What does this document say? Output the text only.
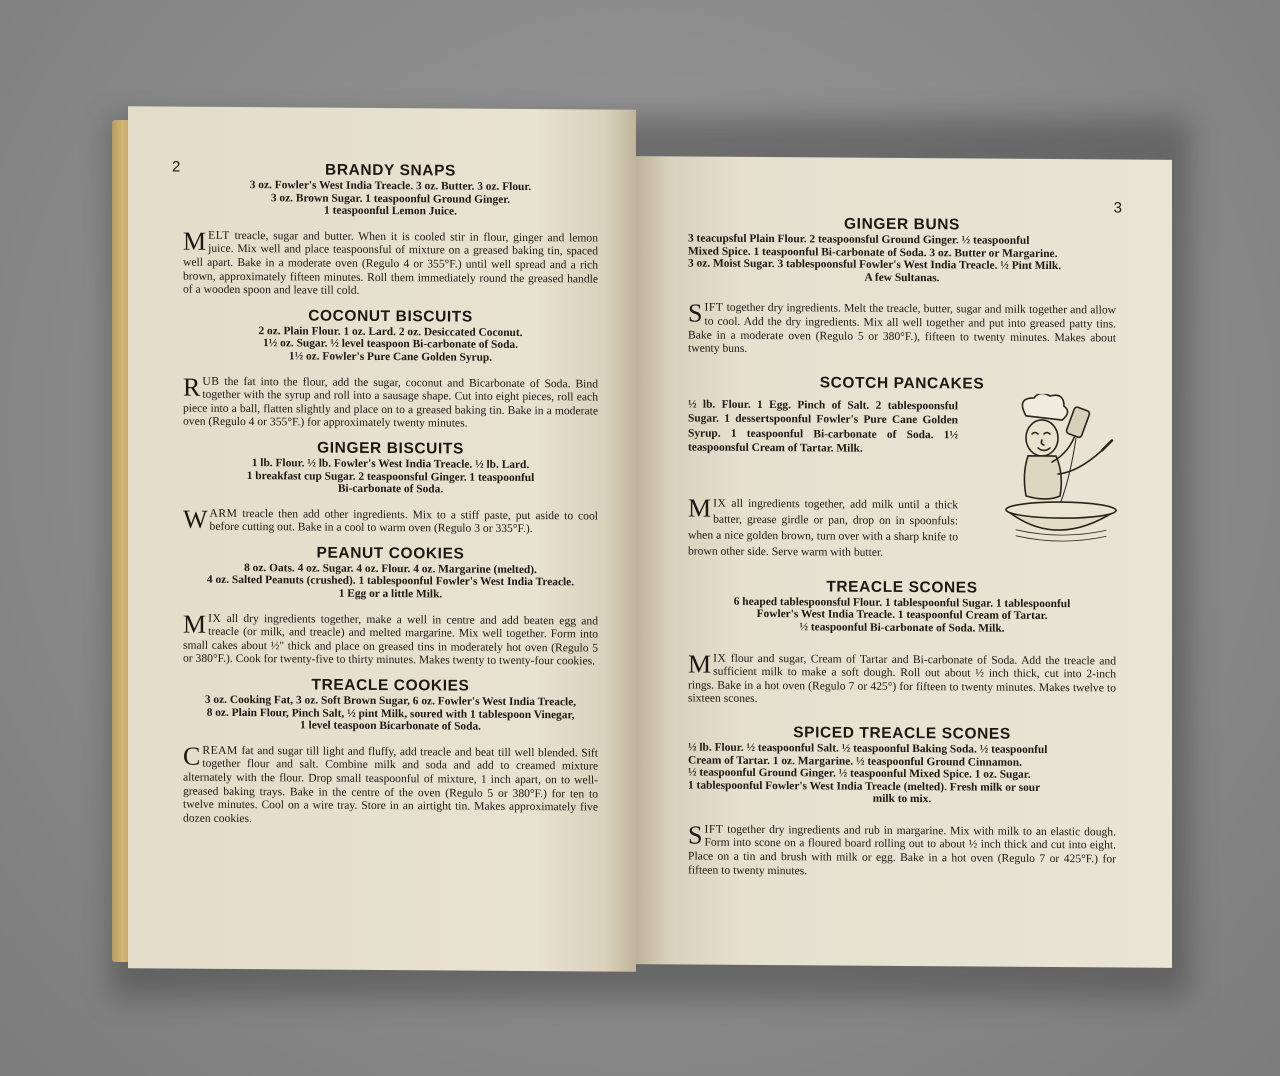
2	BRANDY SNAPS
3 oz. Fowler's West India Treacle. 3 oz. Butter. 3 oz. Flour.
3 oz. Brown Sugar. 1 teaspoonful Ground Ginger.
1 teaspoonful Lemon Juice.

MELT treacle, sugar and butter. When it is cooled stir in flour, ginger and lemon juice. Mix well and place teaspoonsful of mixture on a greased baking tin, spaced well apart. Bake in a moderate oven (Regulo 4 or 355°F.) until well spread and a rich brown, approximately fifteen minutes. Roll them immediately round the greased handle of a wooden spoon and leave till cold.

COCONUT BISCUITS
2 oz. Plain Flour. 1 oz. Lard. 2 oz. Desiccated Coconut.
1½ oz. Sugar. ½ level teaspoon Bi-carbonate of Soda.
1½ oz. Fowler's Pure Cane Golden Syrup.

RUB the fat into the flour, add the sugar, coconut and Bicarbonate of Soda. Bind together with the syrup and roll into a sausage shape. Cut into eight pieces, roll each piece into a ball, flatten slightly and place on to a greased baking tin. Bake in a moderate oven (Regulo 4 or 355°F.) for approximately twenty minutes.

GINGER BISCUITS
1 lb. Flour. ½ lb. Fowler's West India Treacle. ½ lb. Lard.
1 breakfast cup Sugar. 2 teaspoonsful Ginger. 1 teaspoonful
Bi-carbonate of Soda.

WARM treacle then add other ingredients. Mix to a stiff paste, put aside to cool before cutting out. Bake in a cool to warm oven (Regulo 3 or 335°F.).

PEANUT COOKIES
8 oz. Oats. 4 oz. Sugar. 4 oz. Flour. 4 oz. Margarine (melted).
4 oz. Salted Peanuts (crushed). 1 tablespoonful Fowler's West India Treacle.
1 Egg or a little Milk.

MIX all dry ingredients together, make a well in centre and add beaten egg and treacle (or milk, and treacle) and melted margarine. Mix well together. Form into small cakes about ½" thick and place on greased tins in moderately hot oven (Regulo 5 or 380°F.). Cook for twenty-five to thirty minutes. Makes twenty to twenty-four cookies.

TREACLE COOKIES
3 oz. Cooking Fat, 3 oz. Soft Brown Sugar, 6 oz. Fowler's West India Treacle,
8 oz. Plain Flour, Pinch Salt, ½ pint Milk, soured with 1 tablespoon Vinegar,
1 level teaspoon Bicarbonate of Soda.

CREAM fat and sugar till light and fluffy, add treacle and beat till well blended. Sift together flour and salt. Combine milk and soda and add to creamed mixture alternately with the flour. Drop small teaspoonful of mixture, 1 inch apart, on to well-greased baking trays. Bake in the centre of the oven (Regulo 5 or 380°F.) for ten to twelve minutes. Cool on a wire tray. Store in an airtight tin. Makes approximately five dozen cookies.

3
GINGER BUNS
3 teacupsful Plain Flour. 2 teaspoonsful Ground Ginger. ½ teaspoonful
Mixed Spice. 1 teaspoonful Bi-carbonate of Soda. 3 oz. Butter or Margarine.
3 oz. Moist Sugar. 3 tablespoonsful Fowler's West India Treacle. ½ Pint Milk.
A few Sultanas.

SIFT together dry ingredients. Melt the treacle, butter, sugar and milk together and allow to cool. Add the dry ingredients. Mix all well together and put into greased patty tins. Bake in a moderate oven (Regulo 5 or 380°F.), fifteen to twenty minutes. Makes about twenty buns.

SCOTCH PANCAKES
½ lb. Flour. 1 Egg. Pinch of Salt. 2 tablespoonsful Sugar. 1 dessertspoonful Fowler's Pure Cane Golden Syrup. 1 teaspoonful Bi-carbonate of Soda. 1½ teaspoonsful Cream of Tartar. Milk.

MIX all ingredients together, add milk until a thick batter, grease girdle or pan, drop on in spoonfuls: when a nice golden brown, turn over with a sharp knife to brown other side. Serve warm with butter.

TREACLE SCONES
6 heaped tablespoonsful Flour. 1 tablespoonful Sugar. 1 tablespoonful
Fowler's West India Treacle. 1 teaspoonful Cream of Tartar.
½ teaspoonful Bi-carbonate of Soda. Milk.

MIX flour and sugar, Cream of Tartar and Bi-carbonate of Soda. Add the treacle and sufficient milk to make a soft dough. Roll out about ½ inch thick, cut into 2-inch rings. Bake in a hot oven (Regulo 7 or 425°) for fifteen to twenty minutes. Makes twelve to sixteen scones.

SPICED TREACLE SCONES
½ lb. Flour. ½ teaspoonful Salt. ½ teaspoonful Baking Soda. ½ teaspoonful
Cream of Tartar. 1 oz. Margarine. ½ teaspoonful Ground Cinnamon.
½ teaspoonful Ground Ginger. ½ teaspoonful Mixed Spice. 1 oz. Sugar.
1 tablespoonful Fowler's West India Treacle (melted). Fresh milk or sour
milk to mix.

SIFT together dry ingredients and rub in margarine. Mix with milk to an elastic dough. Form into scone on a floured board rolling out to about ½ inch thick and cut into eight. Place on a tin and brush with milk or egg. Bake in a hot oven (Regulo 7 or 425°F.) for fifteen to twenty minutes.
